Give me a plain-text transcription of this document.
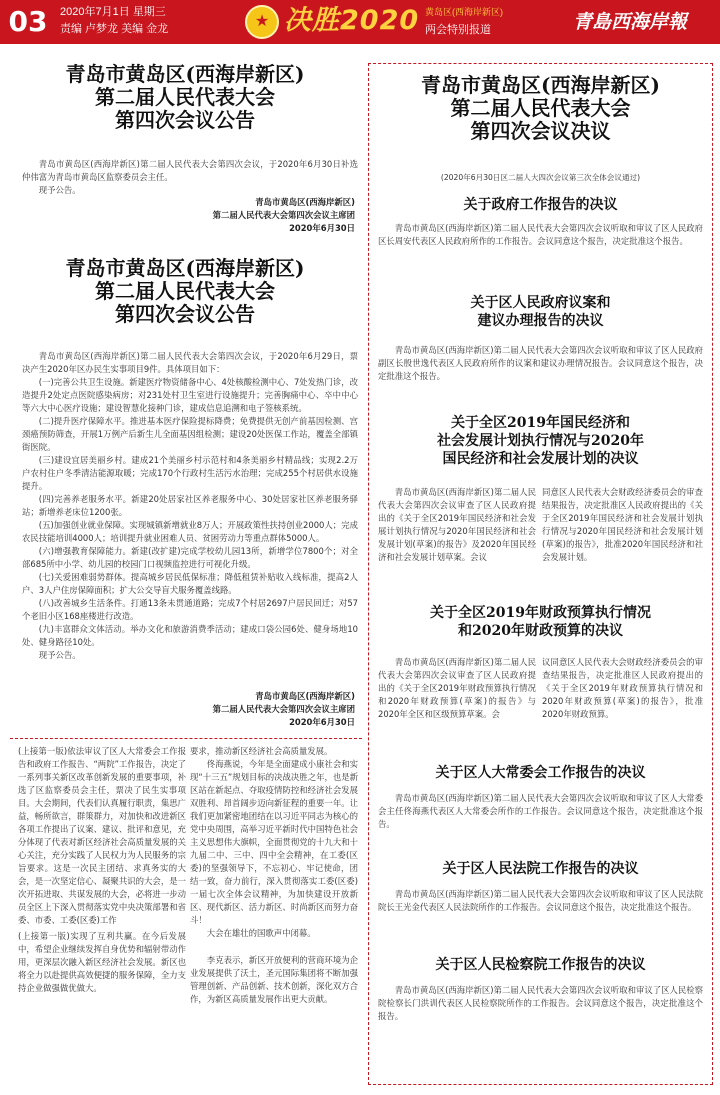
03	2020年7月1日 星期三
责编 卢梦龙 美编 金龙
★	决胜2020 黄岛区(西海岸新区)
两会特别报道	青島西海岸報
青岛市黄岛区(西海岸新区)
第二届人民代表大会
第四次会议公告

青岛市黄岛区(西海岸新区)第二届人民代表大会第四次会议，于2020年6月30日补选仲伟富为青岛市黄岛区监察委员会主任。

现予公告。

青岛市黄岛区(西海岸新区)
第二届人民代表大会第四次会议主席团
2020年6月30日
青岛市黄岛区(西海岸新区)
第二届人民代表大会
第四次会议公告

青岛市黄岛区(西海岸新区)第二届人民代表大会第四次会议，于2020年6月29日，票决产生2020年区办民生实事项目9件。具体项目如下：

(一)完善公共卫生设施。新建医疗物资储备中心、4处核酸检测中心、7处发热门诊，改造提升2处定点医院感染病房；对231处村卫生室进行设施提升；完善胸痛中心、卒中中心等六大中心医疗设施；建设智慧化接种门诊，建成信息追溯和电子签核系统。

(二)提升医疗保障水平。推进基本医疗保险提标降费；免费提供无创产前基因检测、宫颈癌预防筛查，开展1万例产后新生儿全面基因组检测；建设20处医保工作站，覆盖全部镇街医院。

(三)建设宜居美丽乡村。建成21个美丽乡村示范村和4条美丽乡村精品线；实现2.2万户农村住户冬季清洁能源取暖；完成170个行政村生活污水治理；完成255个村居供水设施提升。

(四)完善养老服务水平。新建20处居家社区养老服务中心、30处居家社区养老服务驿站；新增养老床位1200张。

(五)加强创业就业保障。实现城镇新增就业8万人；开展政策性扶持创业2000人；完成农民技能培训4000人；培训提升就业困难人员、贫困劳动力等重点群体5000人。

(六)增强教育保障能力。新建(改扩建)完成学校幼儿园13所，新增学位7800个；对全部685所中小学、幼儿园的校园门口视频监控进行可视化升级。

(七)关爱困难弱势群体。提高城乡居民低保标准；降低租赁补贴收入线标准，提高2人户、3人户住房保障面积；扩大公交导盲犬服务覆盖线路。

(八)改善城乡生活条件。打通13条未贯通道路；完成7个村居2697户居民回迁；对57个老旧小区168座楼进行改造。

(九)丰富群众文体活动。举办文化和旅游消费季活动；建成口袋公园6处、健身场地10处、健身路径10处。

现予公告。

青岛市黄岛区(西海岸新区)
第二届人民代表大会第四次会议主席团
2020年6月30日

(上接第一版)依法审议了区人大常委会工作报告和政府工作报告、“两院”工作报告，决定了一系列事关新区改革创新发展的重要事项，补选了区监察委员会主任，票决了民生实事项目。大会期间，代表们认真履行职责，集思广益，畅所欲言，群策群力，对加快和改进新区各项工作提出了议案、建议、批评和意见，充分体现了代表对新区经济社会高质量发展的关心关注，充分实践了人民权力为人民服务的宗旨要求。这是一次民主团结、求真务实的大会，是一次坚定信心、凝聚共识的大会，是一次开拓进取、共谋发展的大会，必将进一步动员全区上下深入贯彻落实党中央决策部署和省委、市委、工委(区委)工作

(上接第一版)实现了互利共赢。在今后发展中，希望企业继续发挥自身优势和辐射带动作用，更深层次融入新区经济社会发展。新区也将全力以赴提供高效便捷的服务保障，全力支持企业做强做优做大。

要求，推动新区经济社会高质量发展。

佟海燕说，今年是全面建成小康社会和实现“十三五”规划目标的决战决胜之年，也是新区站在新起点、夺取疫情防控和经济社会发展双胜利、昂首阔步迈向新征程的重要一年。让我们更加紧密地团结在以习近平同志为核心的党中央周围，高举习近平新时代中国特色社会主义思想伟大旗帜，全面贯彻党的十九大和十九届二中、三中、四中全会精神，在工委(区委)的坚强领导下，不忘初心、牢记使命，团结一致，奋力前行，深入贯彻落实工委(区委)一届七次全体会议精神，为加快建设开放新区、现代新区、活力新区、时尚新区而努力奋斗！

大会在雄壮的国歌声中闭幕。

李克表示，新区开放便利的营商环境为企业发展提供了沃土，圣元国际集团将不断加强管理创新、产品创新、技术创新，深化双方合作，为新区高质量发展作出更大贡献。

青岛市黄岛区(西海岸新区)
第二届人民代表大会
第四次会议决议
(2020年6月30日区二届人大四次会议第三次全体会议通过)
关于政府工作报告的决议

青岛市黄岛区(西海岸新区)第二届人民代表大会第四次会议听取和审议了区人民政府区长周安代表区人民政府所作的工作报告。会议同意这个报告，决定批准这个报告。

关于区人民政府议案和
建议办理报告的决议

青岛市黄岛区(西海岸新区)第二届人民代表大会第四次会议听取和审议了区人民政府副区长殷世逸代表区人民政府所作的议案和建议办理情况报告。会议同意这个报告，决定批准这个报告。

关于全区2019年国民经济和
社会发展计划执行情况与2020年
国民经济和社会发展计划的决议

青岛市黄岛区(西海岸新区)第二届人民代表大会第四次会议审查了区人民政府提出的《关于全区2019年国民经济和社会发展计划执行情况与2020年国民经济和社会发展计划(草案)的报告》及2020年国民经济和社会发展计划草案。会议

同意区人民代表大会财政经济委员会的审查结果报告，决定批准区人民政府提出的《关于全区2019年国民经济和社会发展计划执行情况与2020年国民经济和社会发展计划(草案)的报告》，批准2020年国民经济和社会发展计划。

关于全区2019年财政预算执行情况
和2020年财政预算的决议

青岛市黄岛区(西海岸新区)第二届人民代表大会第四次会议审查了区人民政府提出的《关于全区2019年财政预算执行情况和2020年财政预算(草案)的报告》与2020年全区和区级预算草案。会

议同意区人民代表大会财政经济委员会的审查结果报告，决定批准区人民政府提出的《关于全区2019年财政预算执行情况和2020年财政预算(草案)的报告》，批准2020年财政预算。

关于区人大常委会工作报告的决议

青岛市黄岛区(西海岸新区)第二届人民代表大会第四次会议听取和审议了区人大常委会主任佟海燕代表区人大常委会所作的工作报告。会议同意这个报告，决定批准这个报告。

关于区人民法院工作报告的决议

青岛市黄岛区(西海岸新区)第二届人民代表大会第四次会议听取和审议了区人民法院院长王光金代表区人民法院所作的工作报告。会议同意这个报告，决定批准这个报告。

关于区人民检察院工作报告的决议

青岛市黄岛区(西海岸新区)第二届人民代表大会第四次会议听取和审议了区人民检察院检察长门洪训代表区人民检察院所作的工作报告。会议同意这个报告，决定批准这个报告。
